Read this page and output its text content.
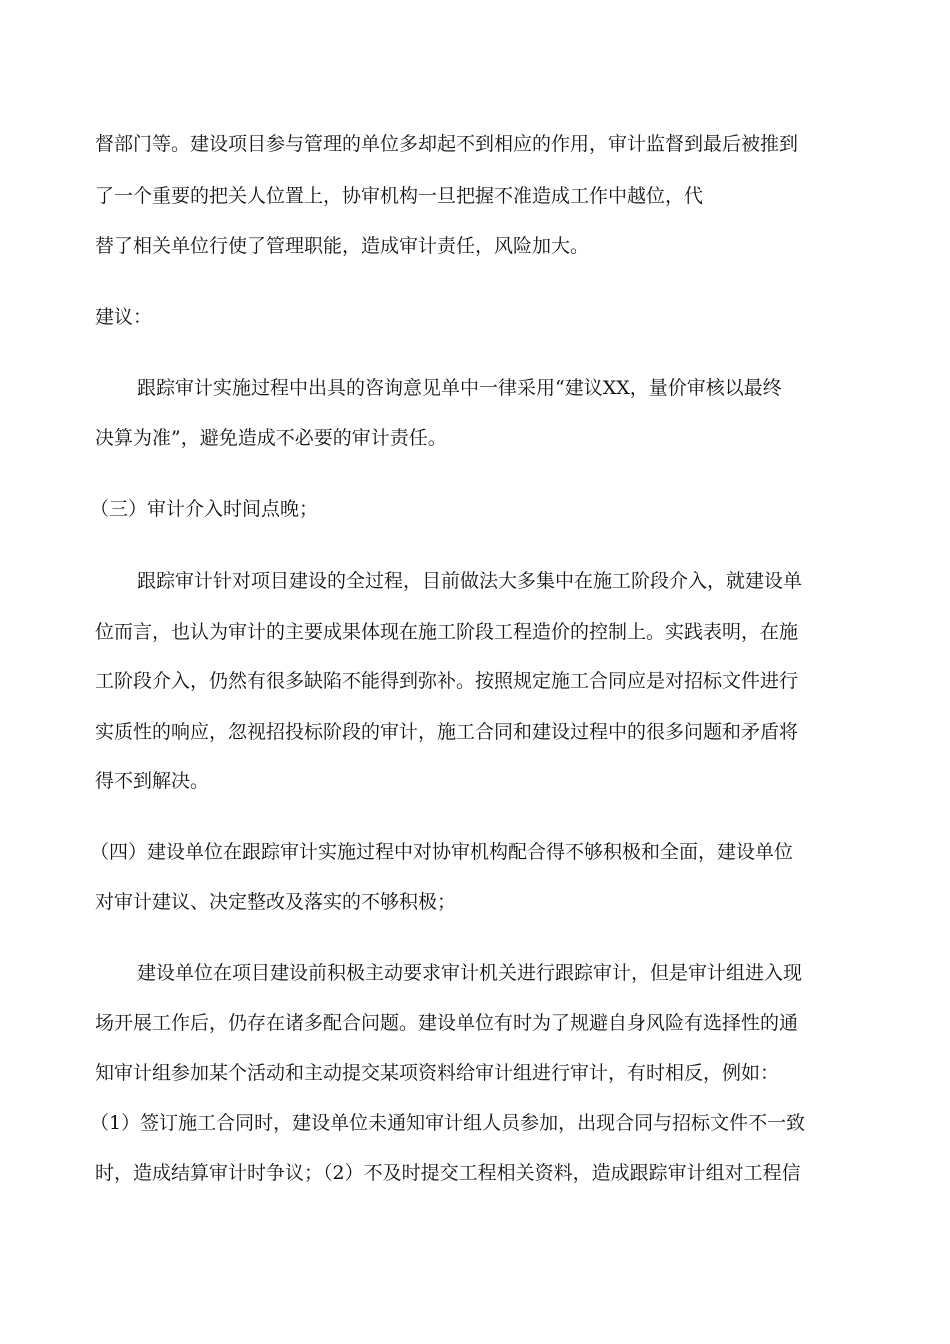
督部门等。建设项目参与管理的单位多却起不到相应的作用，审计监督到最后被推到
了一个重要的把关人位置上，协审机构一旦把握不准造成工作中越位，代
替了相关单位行使了管理职能，造成审计责任，风险加大。
建议：
跟踪审计实施过程中出具的咨询意见单中一律采用“建议XX，量价审核以最终
决算为准”，避免造成不必要的审计责任。
（三）审计介入时间点晚；
跟踪审计针对项目建设的全过程，目前做法大多集中在施工阶段介入，就建设单
位而言，也认为审计的主要成果体现在施工阶段工程造价的控制上。实践表明，在施
工阶段介入，仍然有很多缺陷不能得到弥补。按照规定施工合同应是对招标文件进行
实质性的响应，忽视招投标阶段的审计，施工合同和建设过程中的很多问题和矛盾将
得不到解决。
（四）建设单位在跟踪审计实施过程中对协审机构配合得不够积极和全面，建设单位
对审计建议、决定整改及落实的不够积极；
建设单位在项目建设前积极主动要求审计机关进行跟踪审计，但是审计组进入现
场开展工作后，仍存在诸多配合问题。建设单位有时为了规避自身风险有选择性的通
知审计组参加某个活动和主动提交某项资料给审计组进行审计，有时相反，例如：
（1）签订施工合同时，建设单位未通知审计组人员参加，出现合同与招标文件不一致
时，造成结算审计时争议；（2）不及时提交工程相关资料，造成跟踪审计组对工程信
